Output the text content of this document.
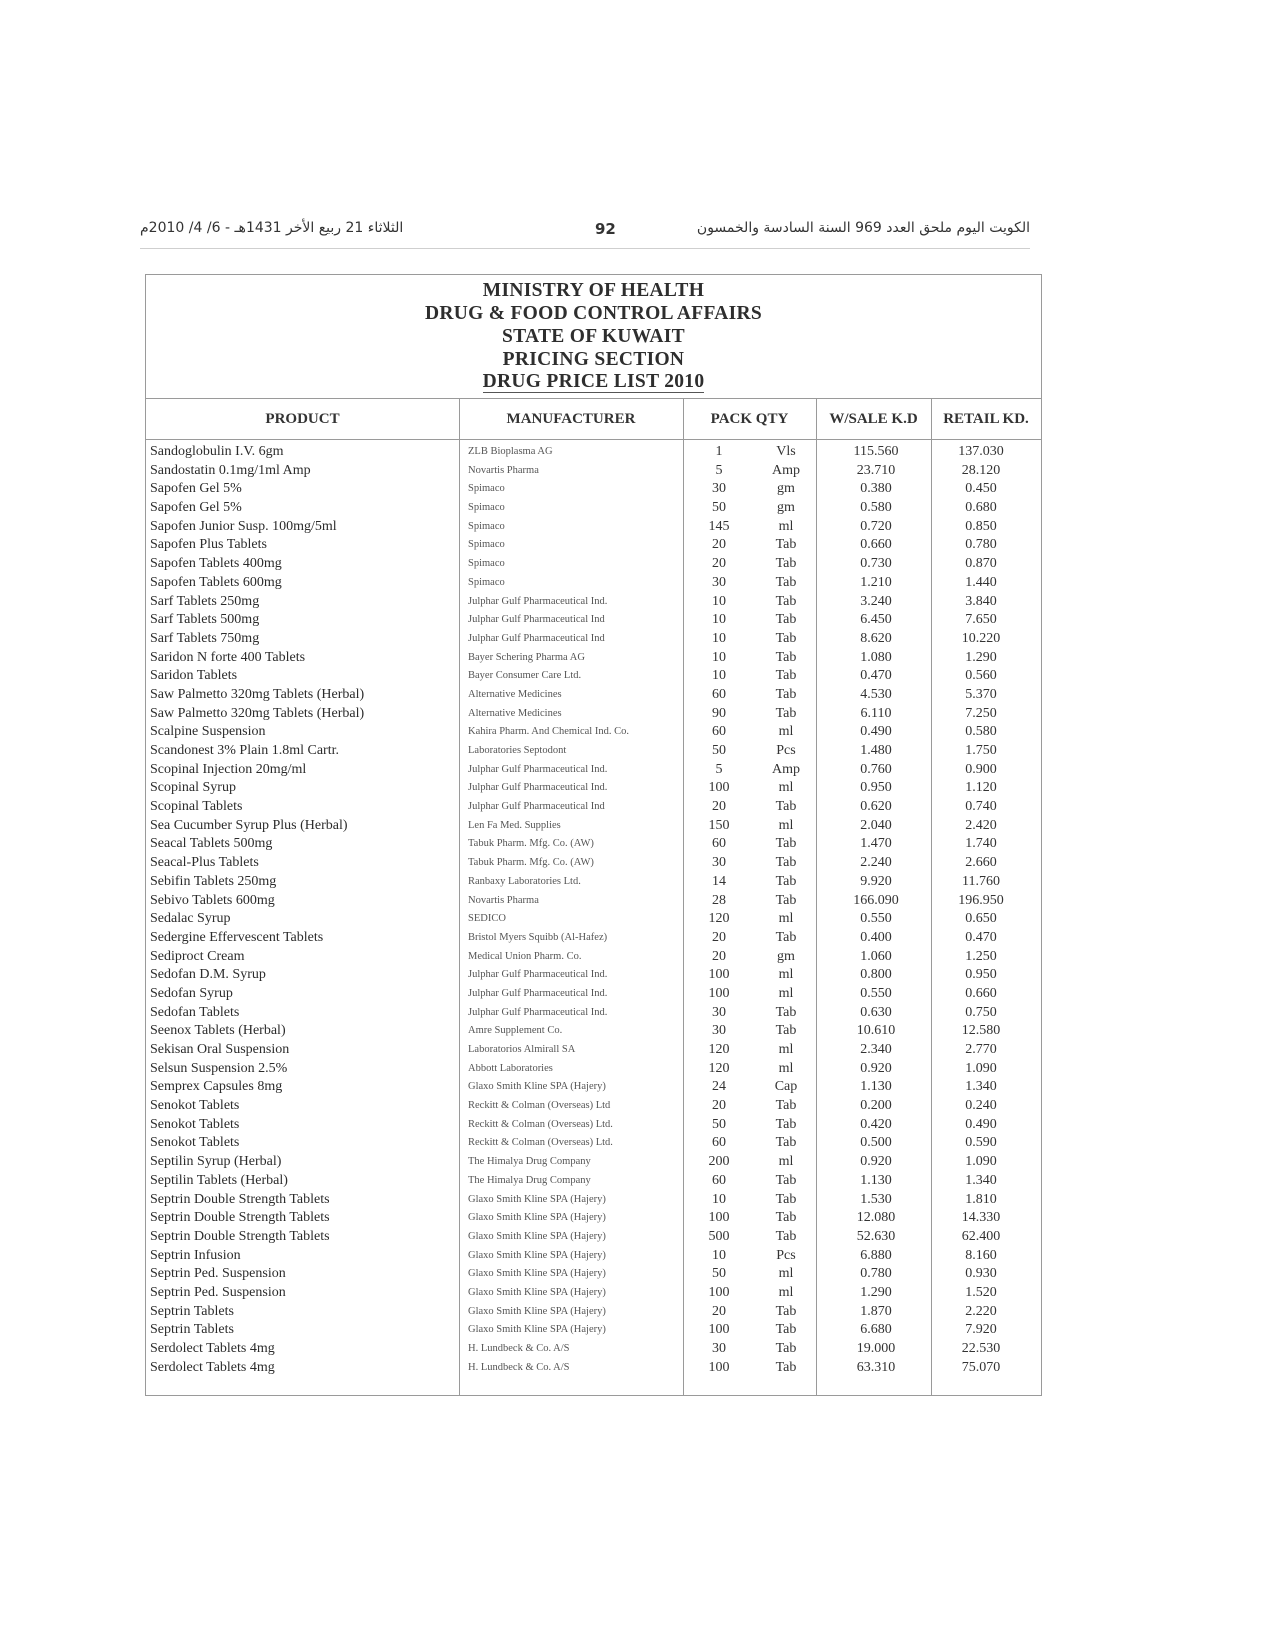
الثلاثاء 21 ربيع الأخر 1431هـ - 6/ 4/ 2010م	92	الكويت اليوم ملحق العدد 969 السنة السادسة والخمسون
MINISTRY OF HEALTH
DRUG & FOOD CONTROL AFFAIRS
STATE OF KUWAIT
PRICING SECTION
DRUG PRICE LIST 2010
PRODUCT	MANUFACTURER	PACK QTY	W/SALE K.D	RETAIL KD.
Sandoglobulin I.V. 6gm	ZLB Bioplasma AG	1	Vls	115.560	137.030
Sandostatin 0.1mg/1ml Amp	Novartis Pharma	5	Amp	23.710	28.120
Sapofen Gel 5%	Spimaco	30	gm	0.380	0.450
Sapofen Gel 5%	Spimaco	50	gm	0.580	0.680
Sapofen Junior Susp. 100mg/5ml	Spimaco	145	ml	0.720	0.850
Sapofen Plus Tablets	Spimaco	20	Tab	0.660	0.780
Sapofen Tablets 400mg	Spimaco	20	Tab	0.730	0.870
Sapofen Tablets 600mg	Spimaco	30	Tab	1.210	1.440
Sarf Tablets 250mg	Julphar Gulf Pharmaceutical Ind.	10	Tab	3.240	3.840
Sarf Tablets 500mg	Julphar Gulf Pharmaceutical Ind	10	Tab	6.450	7.650
Sarf Tablets 750mg	Julphar Gulf Pharmaceutical Ind	10	Tab	8.620	10.220
Saridon N forte 400 Tablets	Bayer Schering Pharma AG	10	Tab	1.080	1.290
Saridon Tablets	Bayer Consumer Care Ltd.	10	Tab	0.470	0.560
Saw Palmetto 320mg Tablets (Herbal)	Alternative Medicines	60	Tab	4.530	5.370
Saw Palmetto 320mg Tablets (Herbal)	Alternative Medicines	90	Tab	6.110	7.250
Scalpine Suspension	Kahira Pharm. And Chemical Ind. Co.	60	ml	0.490	0.580
Scandonest 3% Plain 1.8ml Cartr.	Laboratories Septodont	50	Pcs	1.480	1.750
Scopinal Injection 20mg/ml	Julphar Gulf Pharmaceutical Ind.	5	Amp	0.760	0.900
Scopinal Syrup	Julphar Gulf Pharmaceutical Ind.	100	ml	0.950	1.120
Scopinal Tablets	Julphar Gulf Pharmaceutical Ind	20	Tab	0.620	0.740
Sea Cucumber Syrup Plus (Herbal)	Len Fa Med. Supplies	150	ml	2.040	2.420
Seacal Tablets 500mg	Tabuk Pharm. Mfg. Co. (AW)	60	Tab	1.470	1.740
Seacal-Plus Tablets	Tabuk Pharm. Mfg. Co. (AW)	30	Tab	2.240	2.660
Sebifin Tablets 250mg	Ranbaxy Laboratories Ltd.	14	Tab	9.920	11.760
Sebivo Tablets 600mg	Novartis Pharma	28	Tab	166.090	196.950
Sedalac Syrup	SEDICO	120	ml	0.550	0.650
Sedergine Effervescent Tablets	Bristol Myers Squibb (Al-Hafez)	20	Tab	0.400	0.470
Sediproct Cream	Medical Union Pharm. Co.	20	gm	1.060	1.250
Sedofan D.M. Syrup	Julphar Gulf Pharmaceutical Ind.	100	ml	0.800	0.950
Sedofan Syrup	Julphar Gulf Pharmaceutical Ind.	100	ml	0.550	0.660
Sedofan Tablets	Julphar Gulf Pharmaceutical Ind.	30	Tab	0.630	0.750
Seenox Tablets (Herbal)	Amre Supplement Co.	30	Tab	10.610	12.580
Sekisan Oral Suspension	Laboratorios Almirall SA	120	ml	2.340	2.770
Selsun Suspension 2.5%	Abbott Laboratories	120	ml	0.920	1.090
Semprex Capsules 8mg	Glaxo Smith Kline SPA (Hajery)	24	Cap	1.130	1.340
Senokot Tablets	Reckitt & Colman (Overseas) Ltd	20	Tab	0.200	0.240
Senokot Tablets	Reckitt & Colman (Overseas) Ltd.	50	Tab	0.420	0.490
Senokot Tablets	Reckitt & Colman (Overseas) Ltd.	60	Tab	0.500	0.590
Septilin Syrup (Herbal)	The Himalya Drug Company	200	ml	0.920	1.090
Septilin Tablets (Herbal)	The Himalya Drug Company	60	Tab	1.130	1.340
Septrin Double Strength Tablets	Glaxo Smith Kline SPA (Hajery)	10	Tab	1.530	1.810
Septrin Double Strength Tablets	Glaxo Smith Kline SPA (Hajery)	100	Tab	12.080	14.330
Septrin Double Strength Tablets	Glaxo Smith Kline SPA (Hajery)	500	Tab	52.630	62.400
Septrin Infusion	Glaxo Smith Kline SPA (Hajery)	10	Pcs	6.880	8.160
Septrin Ped. Suspension	Glaxo Smith Kline SPA (Hajery)	50	ml	0.780	0.930
Septrin Ped. Suspension	Glaxo Smith Kline SPA (Hajery)	100	ml	1.290	1.520
Septrin Tablets	Glaxo Smith Kline SPA (Hajery)	20	Tab	1.870	2.220
Septrin Tablets	Glaxo Smith Kline SPA (Hajery)	100	Tab	6.680	7.920
Serdolect Tablets 4mg	H. Lundbeck & Co. A/S	30	Tab	19.000	22.530
Serdolect Tablets 4mg	H. Lundbeck & Co. A/S	100	Tab	63.310	75.070
